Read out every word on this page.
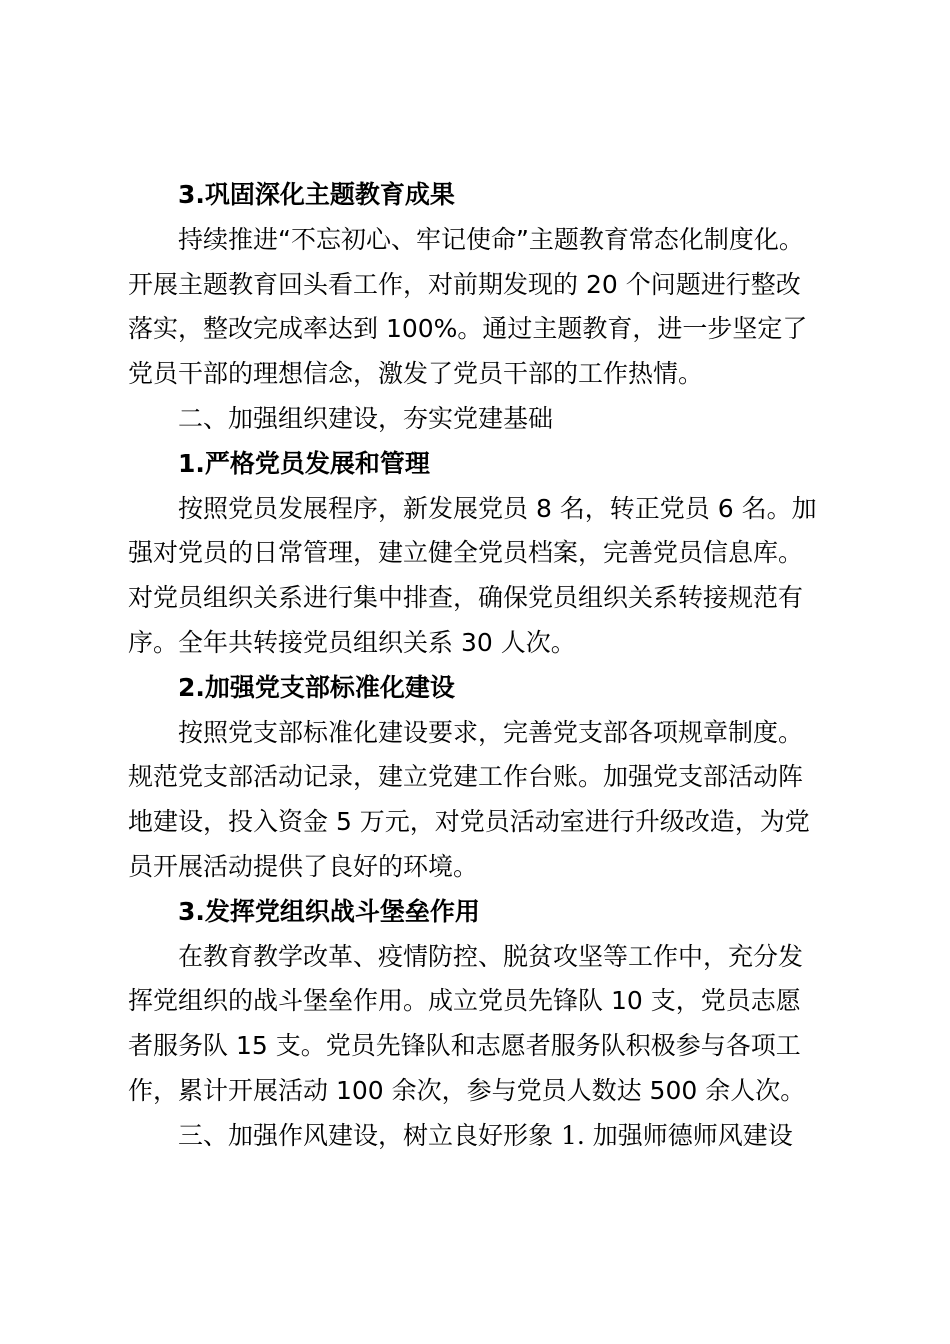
3.巩固深化主题教育成果
持续推进“不忘初心、牢记使命”主题教育常态化制度化。
开展主题教育回头看工作，对前期发现的 20 个问题进行整改
落实，整改完成率达到 100%。通过主题教育，进一步坚定了
党员干部的理想信念，激发了党员干部的工作热情。
二、加强组织建设，夯实党建基础
1.严格党员发展和管理
按照党员发展程序，新发展党员 8 名，转正党员 6 名。加
强对党员的日常管理，建立健全党员档案，完善党员信息库。
对党员组织关系进行集中排查，确保党员组织关系转接规范有
序。全年共转接党员组织关系 30 人次。
2.加强党支部标准化建设
按照党支部标准化建设要求，完善党支部各项规章制度。
规范党支部活动记录，建立党建工作台账。加强党支部活动阵
地建设，投入资金 5 万元，对党员活动室进行升级改造，为党
员开展活动提供了良好的环境。
3.发挥党组织战斗堡垒作用
在教育教学改革、疫情防控、脱贫攻坚等工作中，充分发
挥党组织的战斗堡垒作用。成立党员先锋队 10 支，党员志愿
者服务队 15 支。党员先锋队和志愿者服务队积极参与各项工
作，累计开展活动 100 余次，参与党员人数达 500 余人次。
三、加强作风建设，树立良好形象 1. 加强师德师风建设
